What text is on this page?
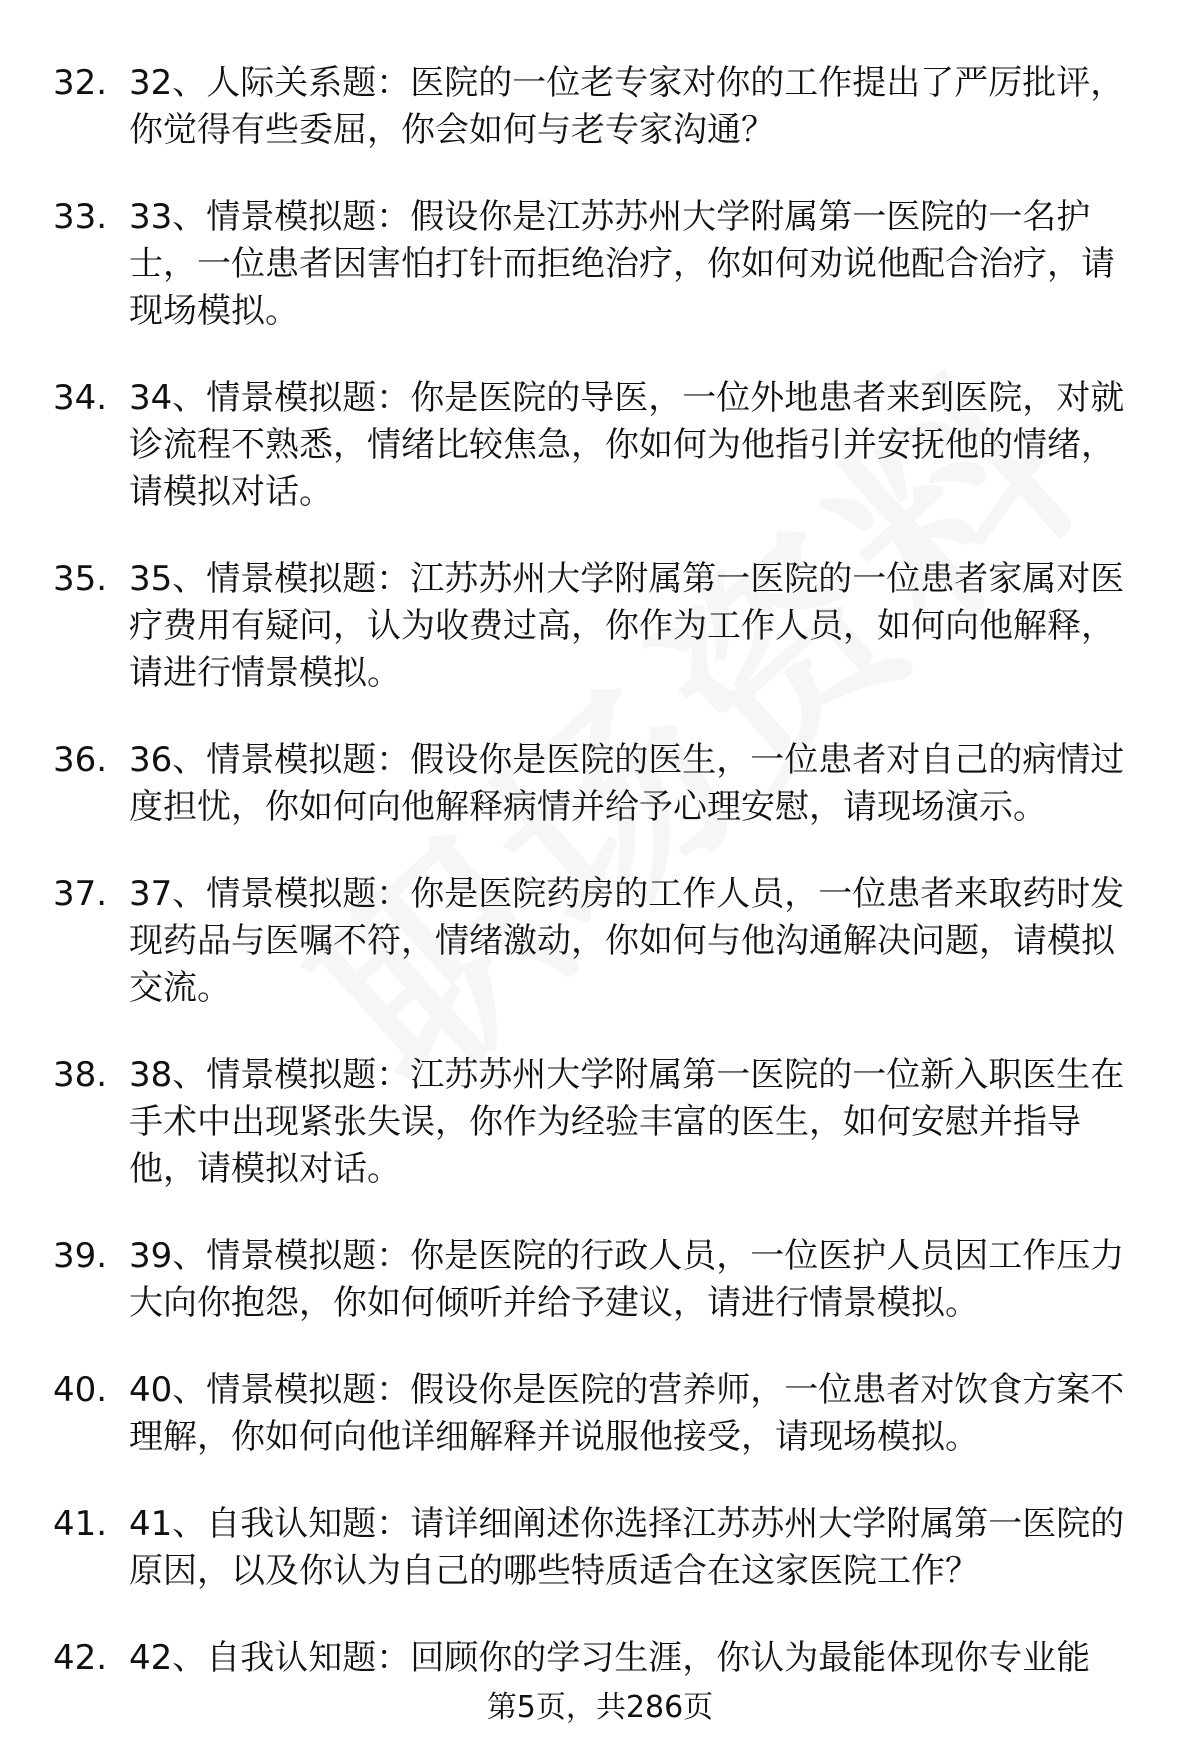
32. 32、人际关系题：医院的一位老专家对你的工作提出了严厉批评，你觉得有些委屈，你会如何与老专家沟通？
33. 33、情景模拟题：假设你是江苏苏州大学附属第一医院的一名护士，一位患者因害怕打针而拒绝治疗，你如何劝说他配合治疗，请现场模拟。
34. 34、情景模拟题：你是医院的导医，一位外地患者来到医院，对就诊流程不熟悉，情绪比较焦急，你如何为他指引并安抚他的情绪，请模拟对话。
35. 35、情景模拟题：江苏苏州大学附属第一医院的一位患者家属对医疗费用有疑问，认为收费过高，你作为工作人员，如何向他解释，请进行情景模拟。
36. 36、情景模拟题：假设你是医院的医生，一位患者对自己的病情过度担忧，你如何向他解释病情并给予心理安慰，请现场演示。
37. 37、情景模拟题：你是医院药房的工作人员，一位患者来取药时发现药品与医嘱不符，情绪激动，你如何与他沟通解决问题，请模拟交流。
38. 38、情景模拟题：江苏苏州大学附属第一医院的一位新入职医生在手术中出现紧张失误，你作为经验丰富的医生，如何安慰并指导他，请模拟对话。
39. 39、情景模拟题：你是医院的行政人员，一位医护人员因工作压力大向你抱怨，你如何倾听并给予建议，请进行情景模拟。
40. 40、情景模拟题：假设你是医院的营养师，一位患者对饮食方案不理解，你如何向他详细解释并说服他接受，请现场模拟。
41. 41、自我认知题：请详细阐述你选择江苏苏州大学附属第一医院的原因，以及你认为自己的哪些特质适合在这家医院工作？
42. 42、自我认知题：回顾你的学习生涯，你认为最能体现你专业能
第5页，共286页
